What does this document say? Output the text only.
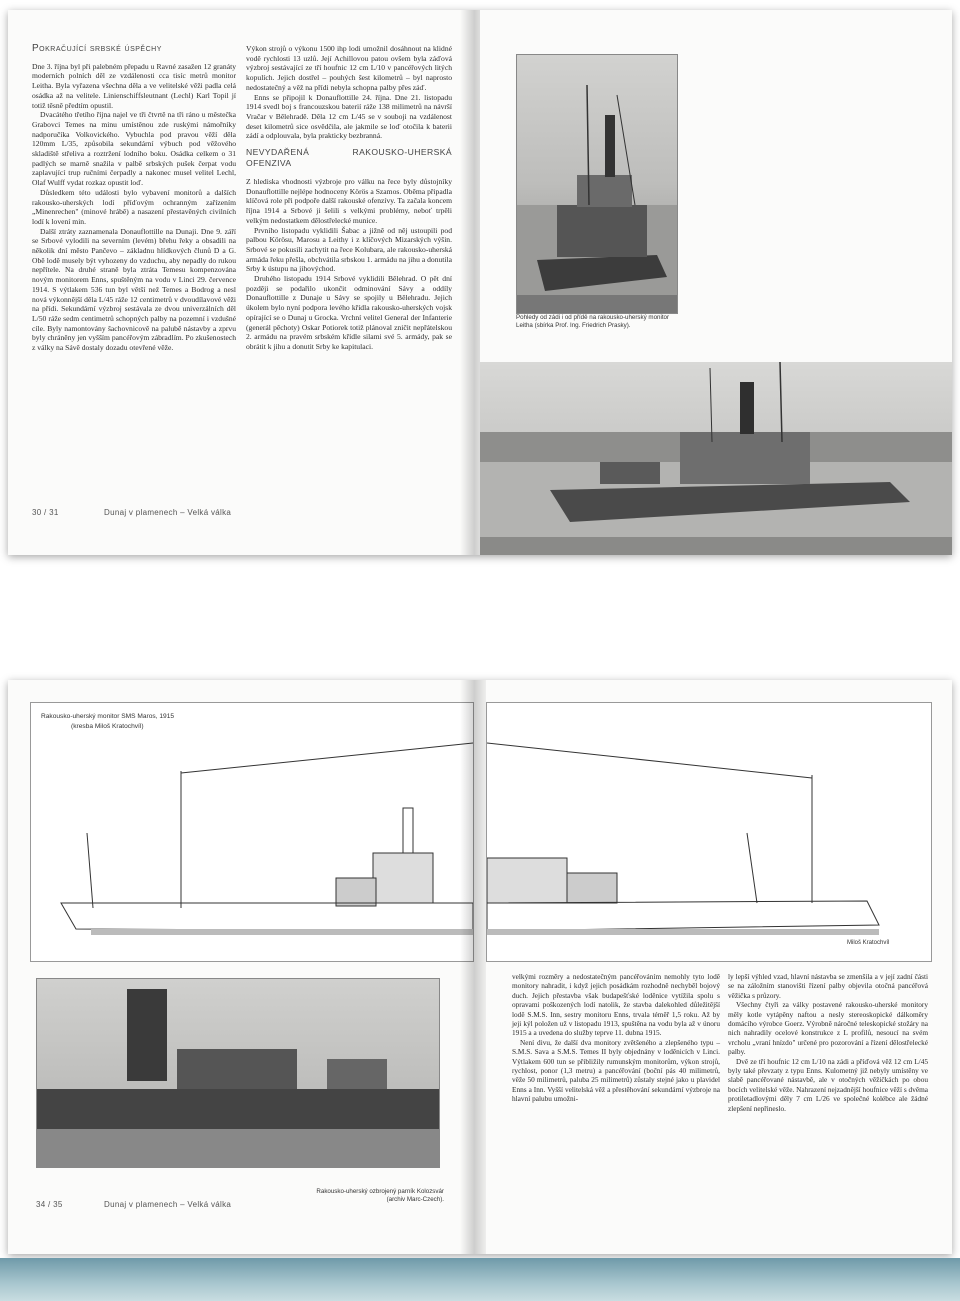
Pokračující srbské úspěchy

Dne 3. října byl při palebném přepadu u Ravné zasažen 12 granáty moderních polních děl ze vzdálenosti cca tisíc metrů monitor Leitha. Byla vyřazena všechna děla a ve velitelské věži padla celá osádka až na velitele. Linienschiffsleutnant (Lechl) Karl Topil jí totiž těsně předtím opustil.

Dvacátého třetího října najel ve tři čtvrtě na tři ráno u městečka Grabovci Temes na minu umístěnou zde ruskými námořníky nadporučíka Volkovického. Vybuchla pod pravou věží děla 120mm L/35, způsobila sekundární výbuch pod věžového skladiště střeliva a roztržení lodního boku. Osádka celkem o 31 padlých se marně snažila v palbě srbských pušek čerpat vodu zaplavující trup ručními čerpadly a nakonec musel velitel Lechl, Olaf Wulff vydat rozkaz opustit loď.

Důsledkem této události bylo vybavení monitorů a dalších rakousko-uherských lodí příďovým ochranným zařízením „Minenrechen" (minové hrábě) a nasazení přestavěných civilních lodí k lovení min.

Další ztráty zaznamenala Donauflottille na Dunaji. Dne 9. září se Srbové vylodili na severním (levém) břehu řeky a obsadili na několik dní město Pančevo – základnu hlídkových člunů D a G. Obě lodě musely být vyhozeny do vzduchu, aby nepadly do rukou nepřítele. Na druhé straně byla ztráta Temesu kompenzována novým monitorem Enns, spuštěným na vodu v Linci 29. července 1914. S výtlakem 536 tun byl větší než Temes a Bodrog a nesl nová výkonnější děla L/45 ráže 12 centimetrů v dvoudílavové věži na přídi. Sekundární výzbroj sestávala ze dvou univerzálních děl L/50 ráže sedm centimetrů schopných palby na pozemní i vzdušné cíle. Byly namontovány šachovnicově na palubě nástavby a zprvu byly chráněny jen vyšším pancéřovým zábradlím. Po zkušenostech z války na Sávě dostaly dozadu otevřené věže.

Výkon strojů o výkonu 1500 ihp lodi umožnil dosáhnout na klidné vodě rychlosti 13 uzlů. Její Achillovou patou ovšem byla záďová výzbroj sestávající ze tří houfnic 12 cm L/10 v pancéřových litých kopulích. Jejich dostřel – pouhých šest kilometrů – byl naprosto nedostatečný a věž na přídi nebyla schopna palby přes záď.

Enns se připojil k Donauflottille 24. října. Dne 21. listopadu 1914 svedl boj s francouzskou baterií ráže 138 milimetrů na návrší Vračar v Bělehradě. Děla 12 cm L/45 se v souboji na vzdálenost deset kilometrů sice osvědčila, ale jakmile se loď otočila k baterii zádí a odplouvala, byla prakticky bezbranná.

NEVYDAŘENÁ RAKOUSKO-UHERSKÁ OFENZIVA

Z hlediska vhodnosti výzbroje pro válku na řece byly důstojníky Donauflottille nejlépe hodnoceny Körös a Szamos. Oběma připadla klíčová role při podpoře další rakouské ofenzívy. Ta začala koncem října 1914 a Srbové ji šelili s velkými problémy, neboť trpěli velkým nedostatkem dělostřelecké munice.

Prvního listopadu vyklidili Šabac a jižně od něj ustoupili pod palbou Körösu, Marosu a Leithy i z klíčových Mizarských výšin. Srbové se pokusili zachytit na řece Kolubara, ale rakousko-uherská armáda řeku přešla, obchvátila srbskou 1. armádu na jihu a donutila Srby k ústupu na jihovýchod.

Druhého listopadu 1914 Srbové vyklidili Bělehrad. O pět dní později se podařilo ukončit odminování Sávy a oddíly Donauflottille z Dunaje u Sávy se spojily u Bělehradu. Jejich úkolem bylo nyní podpora levého křídla rakousko-uherských vojsk opírající se o Dunaj u Grocka. Vrchní velitel General der Infanterie (generál pěchoty) Oskar Potiorek totiž plánoval zničit nepřátelskou 2. armádu na pravém srbském křídle silami své 5. armády, pak se obrátit k jihu a donutit Srby ke kapitulaci.

30 / 31	Dunaj v plamenech – Velká válka
Pohledy od zádi i od přídě na rakousko-uherský monitor Leitha (sbírka Prof. Ing. Friedrich Prasky).
Rakousko-uherský monitor SMS Maros, 1915
(kresba Miloš Kratochvíl)
Miloš Kratochvíl
34 / 35	Dunaj v plamenech – Velká válka
Rakousko-uherský ozbrojený parník Kolozsvár (archiv Marc-Czech).

velkými rozměry a nedostatečným pancéřováním nemohly tyto lodě monitory nahradit, i když jejich posádkám rozhodně nechyběl bojový duch. Jejich přestavba však budapešťské loděnice vytížila spolu s opravami poškozených lodí natolik, že stavba dalekohled důležitější lodě S.M.S. Inn, sestry monitoru Enns, trvala téměř 1,5 roku. Až by jeji kýl položen už v listopadu 1913, spuštěna na vodu byla až v únoru 1915 a a uvedena do služby teprve 11. dubna 1915.

Není divu, že další dva monitory zvětšeného a zlepšeného typu – S.M.S. Sava a S.M.S. Temes II byly objednány v loděnicích v Linci. Výtlakem 600 tun se přibližily rumunským monitorům, výkon strojů, rychlost, ponor (1,3 metru) a pancéřování (boční pás 40 milimetrů, věže 50 milimetrů, paluba 25 milimetrů) zůstaly stejné jako u plavidel Enns a Inn. Vyšší velitelská věž a přestěhování sekundární výzbroje na hlavní palubu umožni-

ly lepší výhled vzad, hlavní nástavba se zmenšila a v její zadní části se na záložním stanovišti řízení palby objevila otočná pancéřová věžička s průzory.

Všechny čtyři za války postavené rakousko-uherské monitory měly kotle vytápěny naftou a nesly stereoskopické dálkoměry domácího výrobce Goerz. Výrobně náročné teleskopické stožáry na nich nahradily ocelové konstrukce z L profilů, nesoucí na svém vrcholu „vraní hnízdo" určené pro pozorování a řízení dělostřelecké palby.

Dvě ze tří houfnic 12 cm L/10 na zádi a příďová věž 12 cm L/45 byly také převzaty z typu Enns. Kulometný již nebyly umístěny ve slabě pancéřované nástavbě, ale v otočných věžičkách po obou bocích velitelské věže. Nahrazení nejzadnější houfnice věží s dvěma protiletadlovými děly 7 cm L/26 ve společné kolébce ale žádné zlepšení nepřineslo.
